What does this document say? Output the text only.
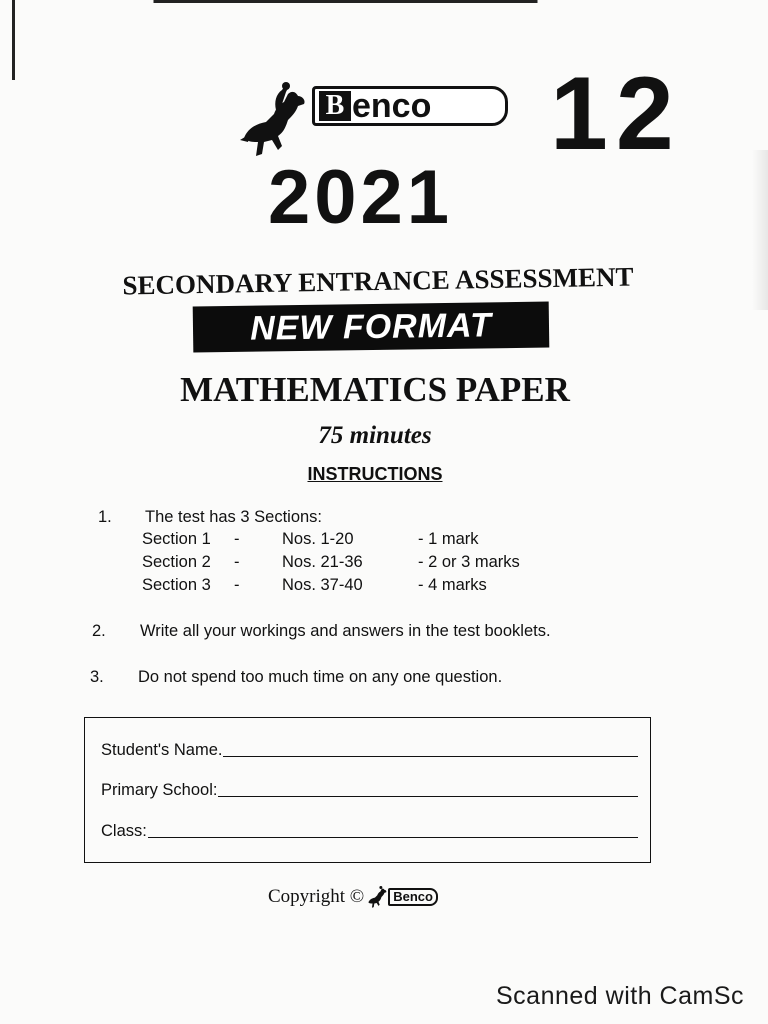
B enco 12
2021
SECONDARY ENTRANCE ASSESSMENT
NEW FORMAT
MATHEMATICS PAPER
75 minutes
INSTRUCTIONS
1. The test has 3 Sections:
Section 1 -	Nos. 1-20	- 1 mark
Section 2 -	Nos. 21-36	- 2 or 3 marks
Section 3 -	Nos. 37-40	- 4 marks
2. Write all your workings and answers in the test booklets.
3. Do not spend too much time on any one question.
Student's Name.
Primary School:
Class:
Copyright ©	Benco
Scanned with CamSc
